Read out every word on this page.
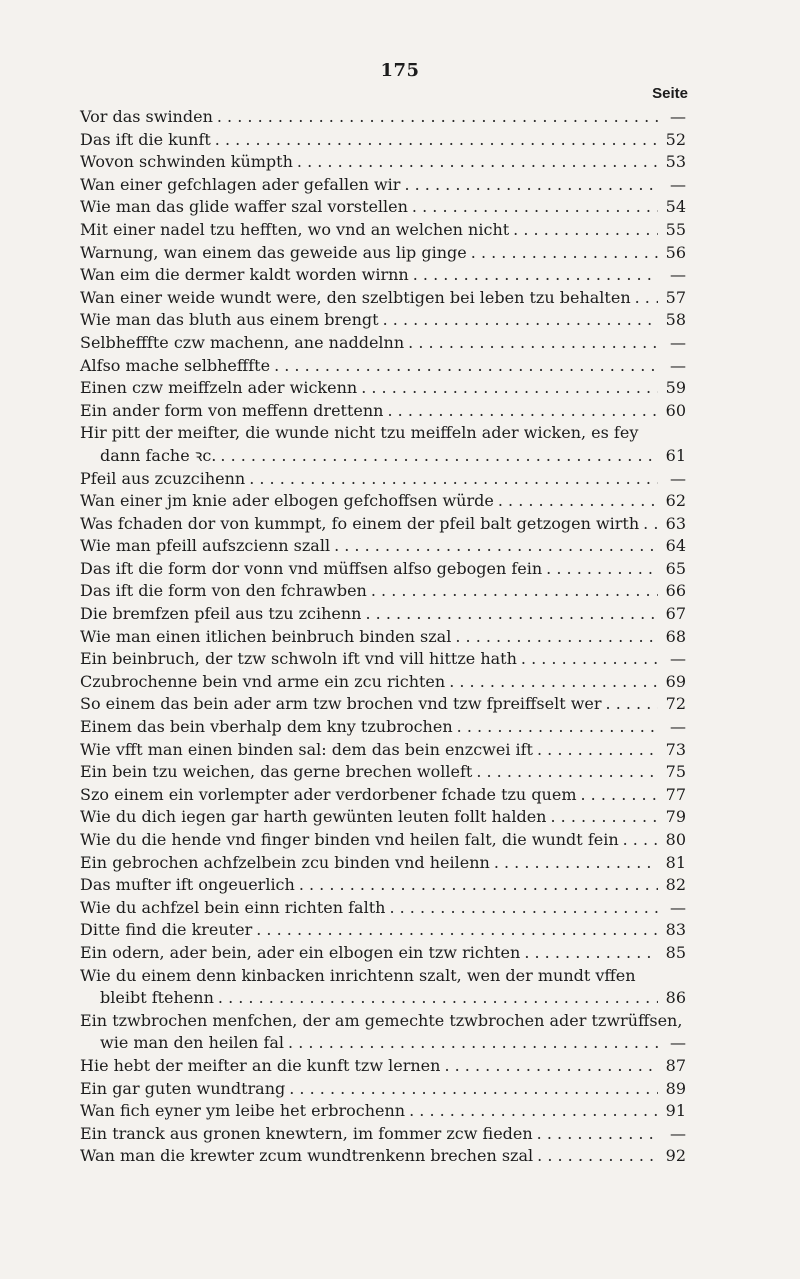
175
Seite
Vor das swinden . . .	—
Das ift die kunft . . .	52
Wovon schwinden kümpth . . .	53
Wan einer gefchlagen ader gefallen wir . . .	—
Wie man das glide waffer szal vorstellen . . .	54
Mit einer nadel tzu hefften, wo vnd an welchen nicht . . .	55
Warnung, wan einem das geweide aus lip ginge . . .	56
Wan eim die dermer kaldt worden wirnn . . .	—
Wan einer weide wundt were, den szelbtigen bei leben tzu behalten . . .	57
Wie man das bluth aus einem brengt . . .	58
Selbhefffte czw machenn, ane naddelnn . . .	—
Alfso mache selbhefffte . . .	—
Einen czw meiffzeln ader wickenn . . .	59
Ein ander form von meffenn drettenn . . .	60
Hir pitt der meifter, die wunde nicht tzu meiffeln ader wicken, es fey
dann fache ꝛc. . . .	61
Pfeil aus zcuzcihenn . . .	—
Wan einer jm knie ader elbogen gefchoffsen würde . . .	62
Was fchaden dor von kummpt, fo einem der pfeil balt getzogen wirth . . .	63
Wie man pfeill aufszcienn szall . . .	64
Das ift die form dor vonn vnd müffsen alfso gebogen fein . . .	65
Das ift die form von den fchrawben . . .	66
Die bremfzen pfeil aus tzu zcihenn . . .	67
Wie man einen itlichen beinbruch binden szal . . .	68
Ein beinbruch, der tzw schwoln ift vnd vill hittze hath . . .	—
Czubrochenne bein vnd arme ein zcu richten . . .	69
So einem das bein ader arm tzw brochen vnd tzw fpreiffselt wer . . .	72
Einem das bein vberhalp dem kny tzubrochen . . .	—
Wie vfft man einen binden sal: dem das bein enzcwei ift . . .	73
Ein bein tzu weichen, das gerne brechen wolleft . . .	75
Szo einem ein vorlempter ader verdorbener fchade tzu quem . . .	77
Wie du dich iegen gar harth gewünten leuten follt halden . . .	79
Wie du die hende vnd finger binden vnd heilen falt, die wundt fein . . .	80
Ein gebrochen achfzelbein zcu binden vnd heilenn . . .	81
Das mufter ift ongeuerlich . . .	82
Wie du achfzel bein einn richten falth . . .	—
Ditte find die kreuter . . .	83
Ein odern, ader bein, ader ein elbogen ein tzw richten . . .	85
Wie du einem denn kinbacken inrichtenn szalt, wen der mundt vffen
bleibt ftehenn . . .	86
Ein tzwbrochen menfchen, der am gemechte tzwbrochen ader tzwrüffsen,
wie man den heilen fal . . .	—
Hie hebt der meifter an die kunft tzw lernen . . .	87
Ein gar guten wundtrang . . .	89
Wan fich eyner ym leibe het erbrochenn . . .	91
Ein tranck aus gronen knewtern, im fommer zcw fieden . . .	—
Wan man die krewter zcum wundtrenkenn brechen szal . . .	92
